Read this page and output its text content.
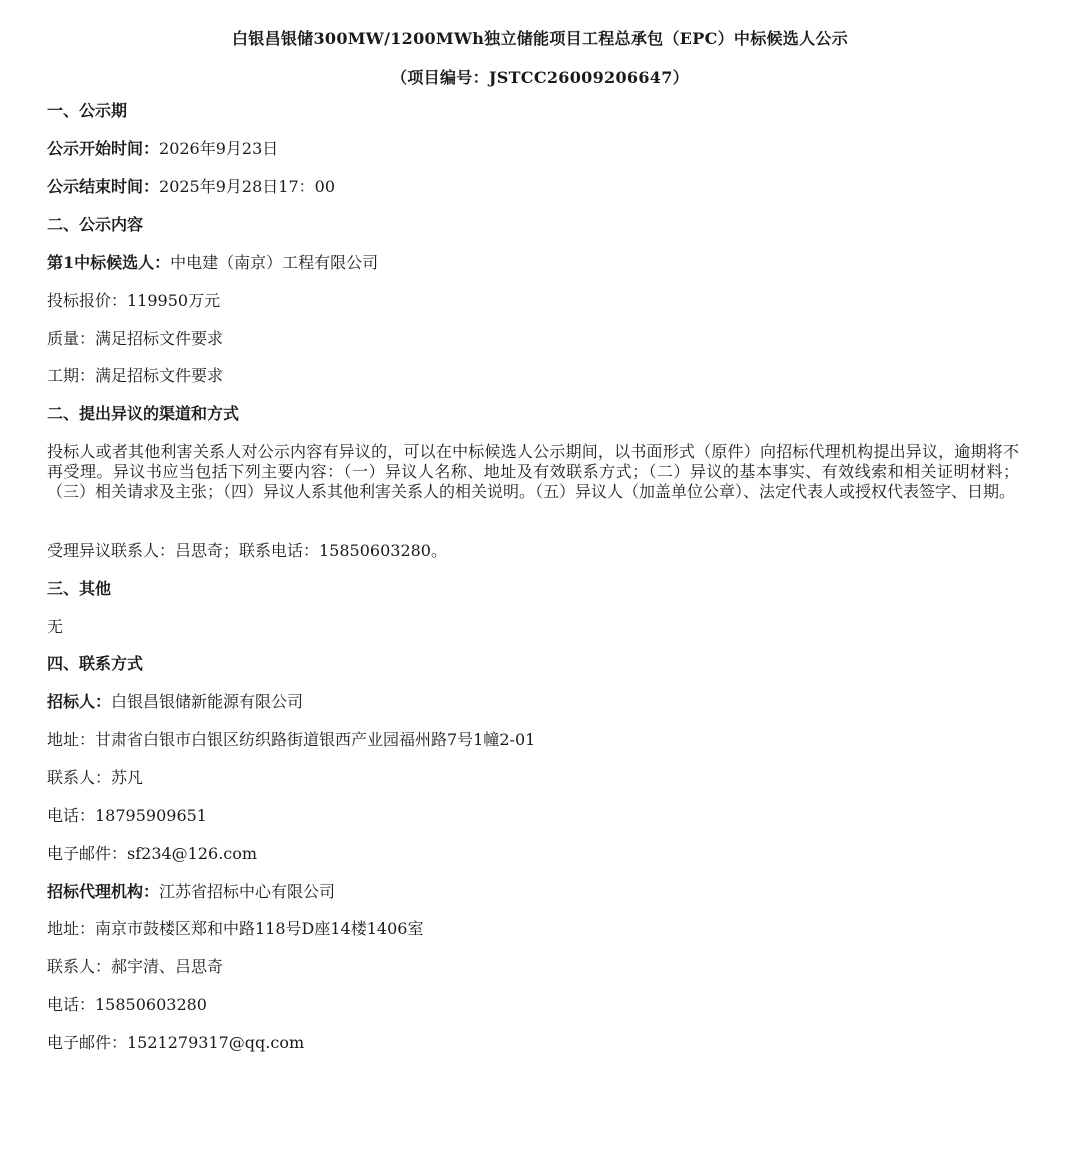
白银昌银储300MW/1200MWh独立储能项目工程总承包（EPC）中标候选人公示
（项目编号：JSTCC26009206647）
一、公示期
公示开始时间：2026年9月23日
公示结束时间：2025年9月28日17：00
二、公示内容
第1中标候选人：中电建（南京）工程有限公司
投标报价：119950万元
质量：满足招标文件要求
工期：满足招标文件要求
二、提出异议的渠道和方式
投标人或者其他利害关系人对公示内容有异议的，可以在中标候选人公示期间，以书面形式（原件）向招标代理机构提出异议，逾期将不再受理。异议书应当包括下列主要内容：（一）异议人名称、地址及有效联系方式；（二）异议的基本事实、有效线索和相关证明材料；（三）相关请求及主张；（四）异议人系其他利害关系人的相关说明。（五）异议人（加盖单位公章）、法定代表人或授权代表签字、日期。
受理异议联系人：吕思奇；联系电话：15850603280。
三、其他
无
四、联系方式
招标人：白银昌银储新能源有限公司
地址：甘肃省白银市白银区纺织路街道银西产业园福州路7号1幢2-01
联系人：苏凡
电话：18795909651
电子邮件：sf234@126.com
招标代理机构：江苏省招标中心有限公司
地址：南京市鼓楼区郑和中路118号D座14楼1406室
联系人：郝宇清、吕思奇
电话：15850603280
电子邮件：1521279317@qq.com
